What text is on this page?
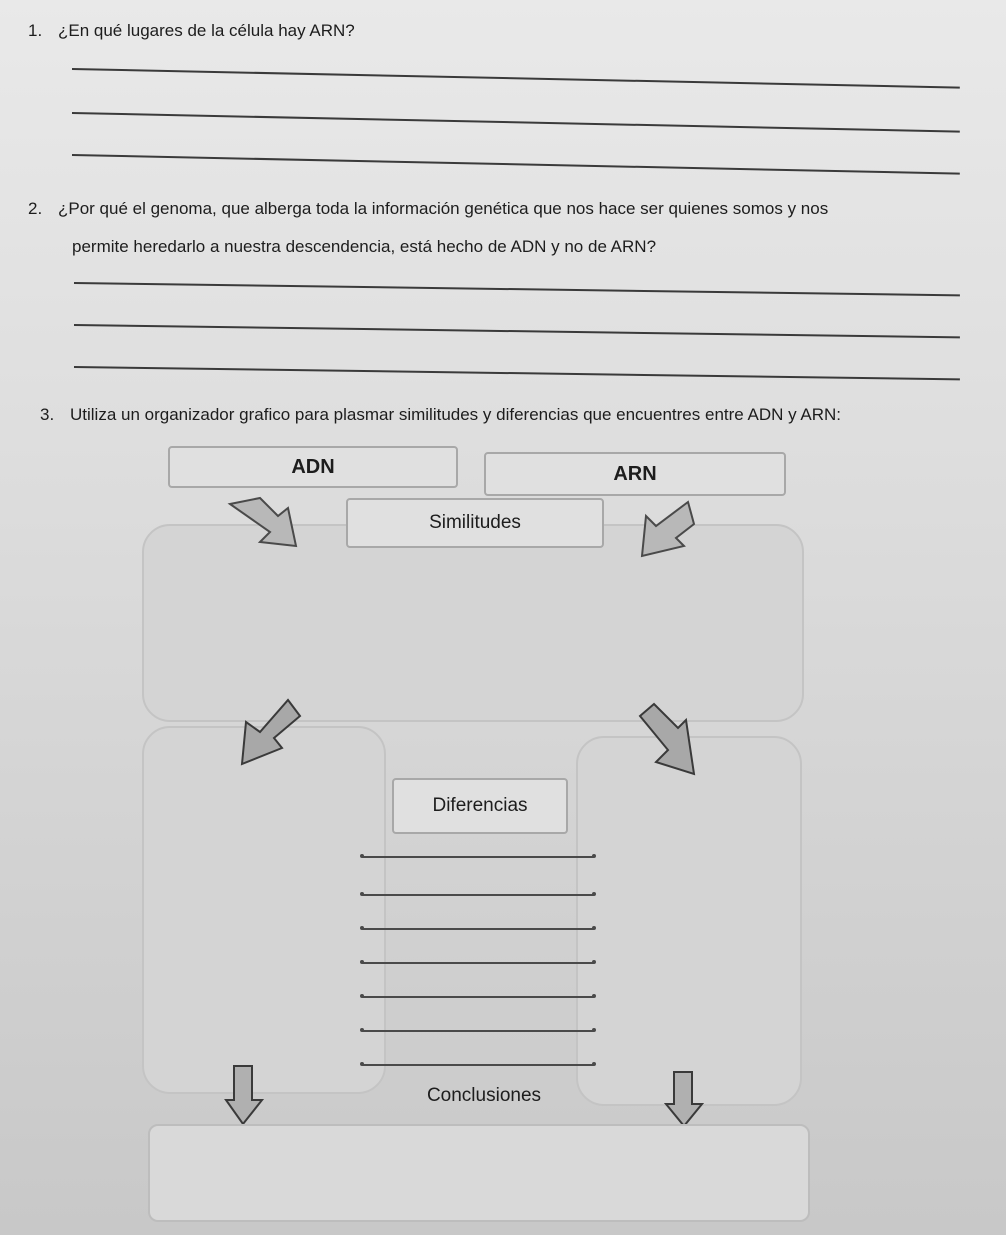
1. ¿En qué lugares de la célula hay ARN?
2. ¿Por qué el genoma, que alberga toda la información genética que nos hace ser quienes somos y nos
permite heredarlo a nuestra descendencia, está hecho de ADN y no de ARN?
3. Utiliza un organizador grafico para plasmar similitudes y diferencias que encuentres entre ADN y ARN:
ADN	ARN
Similitudes
Diferencias
Conclusiones
